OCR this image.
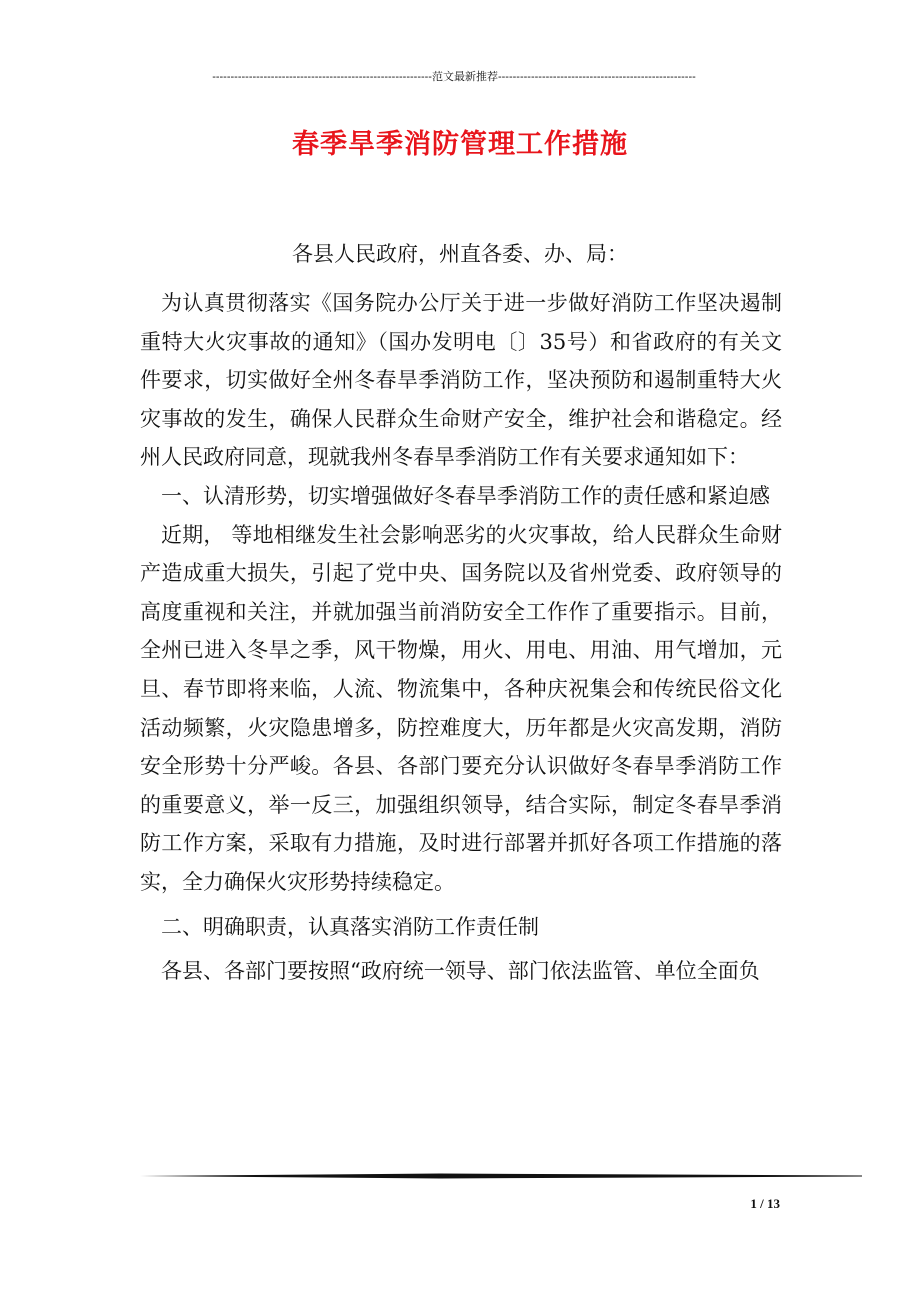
------------------------------------------------------------范文最新推荐------------------------------------------------------
春季旱季消防管理工作措施
各县人民政府，州直各委、办、局：

为认真贯彻落实《国务院办公厅关于进一步做好消防工作坚决遏制重特大火灾事故的通知》（国办发明电〔〕35号）和省政府的有关文件要求，切实做好全州冬春旱季消防工作，坚决预防和遏制重特大火灾事故的发生，确保人民群众生命财产安全，维护社会和谐稳定。经州人民政府同意，现就我州冬春旱季消防工作有关要求通知如下：

一、认清形势，切实增强做好冬春旱季消防工作的责任感和紧迫感

近期， 等地相继发生社会影响恶劣的火灾事故，给人民群众生命财产造成重大损失，引起了党中央、国务院以及省州党委、政府领导的高度重视和关注，并就加强当前消防安全工作作了重要指示。目前，全州已进入冬旱之季，风干物燥，用火、用电、用油、用气增加，元旦、春节即将来临，人流、物流集中，各种庆祝集会和传统民俗文化活动频繁，火灾隐患增多，防控难度大，历年都是火灾高发期，消防安全形势十分严峻。各县、各部门要充分认识做好冬春旱季消防工作的重要意义，举一反三，加强组织领导，结合实际，制定冬春旱季消防工作方案，采取有力措施，及时进行部署并抓好各项工作措施的落实，全力确保火灾形势持续稳定。

二、明确职责，认真落实消防工作责任制

各县、各部门要按照“政府统一领导、部门依法监管、单位全面负

1 / 13
